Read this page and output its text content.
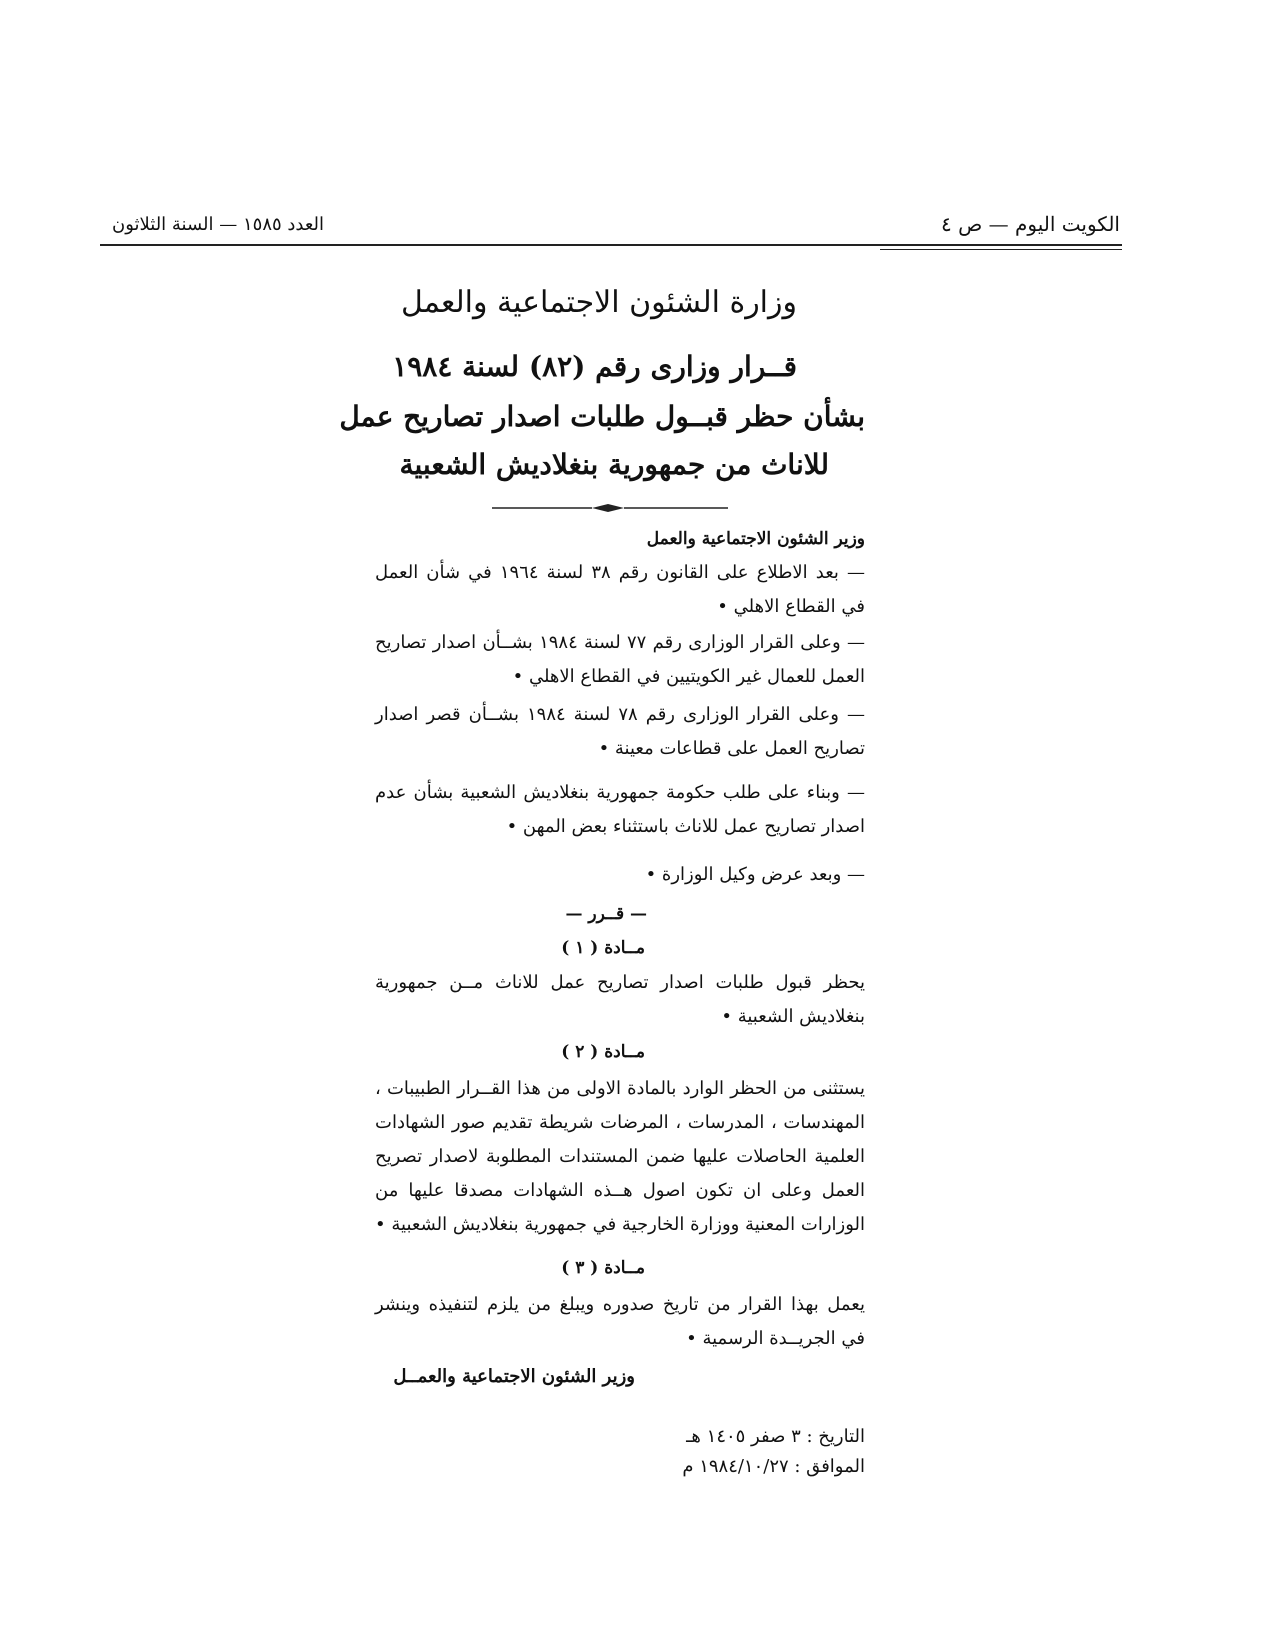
الكويت اليوم — ص ٤
العدد ١٥٨٥ — السنة الثلاثون
وزارة الشئون الاجتماعية والعمل
قــرار وزارى رقم (٨٢) لسنة ١٩٨٤
بشأن حظر قبــول طلبات اصدار تصاريح عمل
للاناث من جمهورية بنغلاديش الشعبية
وزير الشئون الاجتماعية والعمل
— بعد الاطلاع على القانون رقم ٣٨ لسنة ١٩٦٤ في شأن العمل في القطاع الاهلي •
— وعلى القرار الوزارى رقم ٧٧ لسنة ١٩٨٤ بشــأن اصدار تصاريح العمل للعمال غير الكويتيين في القطاع الاهلي •
— وعلى القرار الوزارى رقم ٧٨ لسنة ١٩٨٤ بشــأن قصر اصدار تصاريح العمل على قطاعات معينة •
— وبناء على طلب حكومة جمهورية بنغلاديش الشعبية بشأن عدم اصدار تصاريح عمل للاناث باستثناء بعض المهن •
— وبعد عرض وكيل الوزارة •
— قــرر —
مــادة ( ١ )
يحظر قبول طلبات اصدار تصاريح عمل للاناث مــن جمهورية بنغلاديش الشعبية •
مــادة ( ٢ )
يستثنى من الحظر الوارد بالمادة الاولى من هذا القــرار الطبيبات ، المهندسات ، المدرسات ، المرضات شريطة تقديم صور الشهادات العلمية الحاصلات عليها ضمن المستندات المطلوبة لاصدار تصريح العمل وعلى ان تكون اصول هــذه الشهادات مصدقا عليها من الوزارات المعنية ووزارة الخارجية في جمهورية بنغلاديش الشعبية •
مــادة ( ٣ )
يعمل بهذا القرار من تاريخ صدوره ويبلغ من يلزم لتنفيذه وينشر في الجريــدة الرسمية •
وزير الشئون الاجتماعية والعمــل
التاريخ : ٣ صفر ١٤٠٥ هـ
الموافق : ١٩٨٤/١٠/٢٧ م
